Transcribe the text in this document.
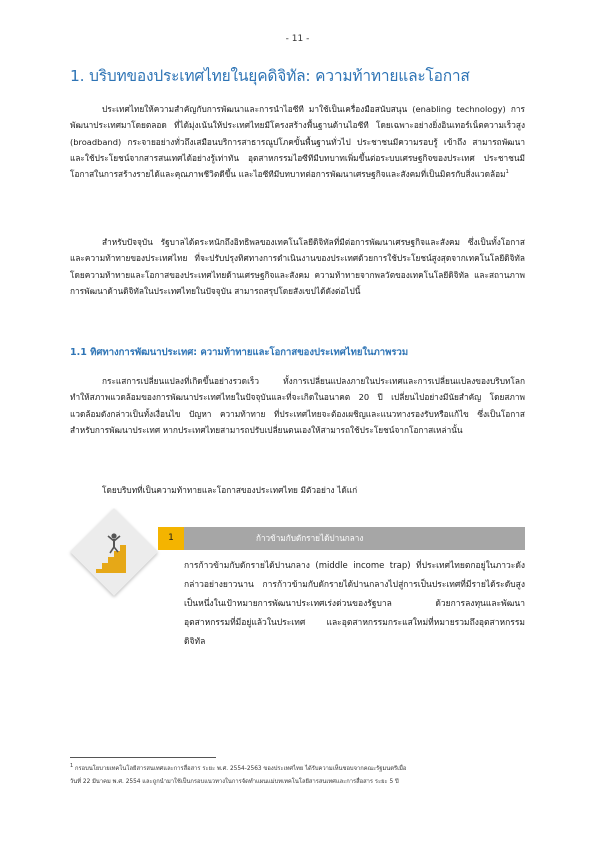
- 11 -
1. บริบทของประเทศไทยในยุคดิจิทัล: ความท้าทายและโอกาส

ประเทศไทยให้ความสำคัญกับการพัฒนาและการนำไอซีที มาใช้เป็นเครื่องมือสนับสนุน (enabling technology) การพัฒนาประเทศมาโดยตลอด ที่ได้มุ่งเน้นให้ประเทศไทยมีโครงสร้างพื้นฐานด้านไอซีที โดยเฉพาะอย่างยิ่งอินเทอร์เน็ตความเร็วสูง (broadband) กระจายอย่างทั่วถึงเสมือนบริการสาธารณูปโภคขั้นพื้นฐานทั่วไป ประชาชนมีความรอบรู้ เข้าถึง สามารถพัฒนาและใช้ประโยชน์จากสารสนเทศได้อย่างรู้เท่าทัน อุตสาหกรรมไอซีทีมีบทบาทเพิ่มขึ้นต่อระบบเศรษฐกิจของประเทศ ประชาชนมีโอกาสในการสร้างรายได้และคุณภาพชีวิตดีขึ้น และไอซีทีมีบทบาทต่อการพัฒนาเศรษฐกิจและสังคมที่เป็นมิตรกับสิ่งแวดล้อม$^1$

สำหรับปัจจุบัน รัฐบาลได้ตระหนักถึงอิทธิพลของเทคโนโลยีดิจิทัลที่มีต่อการพัฒนาเศรษฐกิจและสังคม ซึ่งเป็นทั้งโอกาสและความท้าทายของประเทศไทย ที่จะปรับปรุงทิศทางการดำเนินงานของประเทศด้วยการใช้ประโยชน์สูงสุดจากเทคโนโลยีดิจิทัล โดยความท้าทายและโอกาสของประเทศไทยด้านเศรษฐกิจและสังคม ความท้าทายจากพลวัตของเทคโนโลยีดิจิทัล และสถานภาพการพัฒนาด้านดิจิทัลในประเทศไทยในปัจจุบัน สามารถสรุปโดยสังเขปได้ดังต่อไปนี้

1.1 ทิศทางการพัฒนาประเทศ: ความท้าทายและโอกาสของประเทศไทยในภาพรวม

กระแสการเปลี่ยนแปลงที่เกิดขึ้นอย่างรวดเร็ว ทั้งการเปลี่ยนแปลงภายในประเทศและการเปลี่ยนแปลงของบริบทโลก ทำให้สภาพแวดล้อมของการพัฒนาประเทศไทยในปัจจุบันและที่จะเกิดในอนาคต 20 ปี เปลี่ยนไปอย่างมีนัยสำคัญ โดยสภาพแวดล้อมดังกล่าวเป็นทั้งเงื่อนไข ปัญหา ความท้าทาย ที่ประเทศไทยจะต้องเผชิญและแนวทางรองรับหรือแก้ไข ซึ่งเป็นโอกาสสำหรับการพัฒนาประเทศ หากประเทศไทยสามารถปรับเปลี่ยนตนเองให้สามารถใช้ประโยชน์จากโอกาสเหล่านั้น

โดยบริบทที่เป็นความท้าทายและโอกาสของประเทศไทย มีตัวอย่าง ได้แก่

1	ก้าวข้ามกับดักรายได้ปานกลาง

การก้าวข้ามกับดักรายได้ปานกลาง (middle income trap) ที่ประเทศไทยตกอยู่ในภาวะดังกล่าวอย่างยาวนาน การก้าวข้ามกับดักรายได้ปานกลางไปสู่การเป็นประเทศที่มีรายได้ระดับสูงเป็นหนึ่งในเป้าหมายการพัฒนาประเทศเร่งด่วนของรัฐบาล ด้วยการลงทุนและพัฒนาอุตสาหกรรมที่มีอยู่แล้วในประเทศ และอุตสาหกรรมกระแสใหม่ที่หมายรวมถึงอุตสาหกรรมดิจิทัล

$^1$ กรอบนโยบายเทคโนโลยีสารสนเทศและการสื่อสาร ระยะ พ.ศ. 2554-2563 ของประเทศไทย ได้รับความเห็นชอบจากคณะรัฐมนตรีเมื่อ
วันที่ 22 มีนาคม พ.ศ. 2554 และถูกนำมาใช้เป็นกรอบแนวทางในการจัดทำแผนแม่บทเทคโนโลยีสารสนเทศและการสื่อสาร ระยะ 5 ปี
